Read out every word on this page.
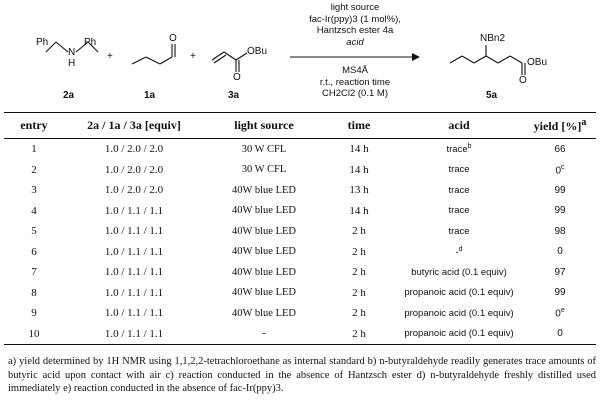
Ph	Ph
N
H
2a
+
O
1a
+
O
OBu
3a
light source
fac-Ir(ppy)3 (1 mol%),
Hantzsch ester 4a
acid
MS4Å
r.t., reaction time
CH2Cl2 (0.1 M)
NBn2
OBu
O
5a
entry	2a / 1a / 3a [equiv]	light source	time	acid	yield [%]$^a$
1	1.0 / 2.0 / 2.0	30 W CFL	14 h	trace$^b$	66
2	1.0 / 2.0 / 2.0	30 W CFL	14 h	trace	0$^c$
3	1.0 / 2.0 / 2.0	40W blue LED	13 h	trace	99
4	1.0 / 1.1 / 1.1	40W blue LED	14 h	trace	99
5	1.0 / 1.1 / 1.1	40W blue LED	2 h	trace	98
6	1.0 / 1.1 / 1.1	40W blue LED	2 h	-$^d$	0
7	1.0 / 1.1 / 1.1	40W blue LED	2 h	butyric acid (0.1 equiv)	97
8	1.0 / 1.1 / 1.1	40W blue LED	2 h	propanoic acid (0.1 equiv)	99
9	1.0 / 1.1 / 1.1	40W blue LED	2 h	propanoic acid (0.1 equiv)	0e
10	1.0 / 1.1 / 1.1	-	2 h	propanoic acid (0.1 equiv)	0
a) yield determined by 1H NMR using 1,1,2,2-tetrachloroethane as internal standard b) n-butyraldehyde readily generates trace amounts of butyric acid upon contact with air c) reaction conducted in the absence of Hantzsch ester d) n-butyraldehyde freshly distilled used immediately e) reaction conducted in the absence of fac-Ir(ppy)3.
